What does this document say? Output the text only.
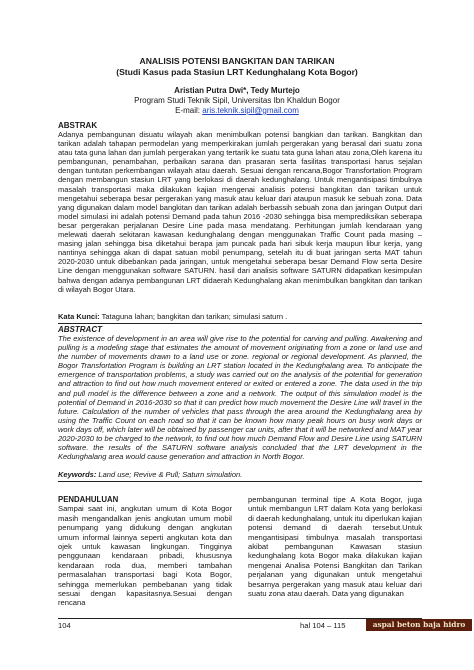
ANALISIS POTENSI BANGKITAN DAN TARIKAN
(Studi Kasus pada Stasiun LRT Kedunghalang Kota Bogor)
Aristian Putra Dwi*, Tedy Murtejo
Program Studi Teknik Sipil, Universitas Ibn Khaldun Bogor
E-mail: aris.teknik.sipil@gmail.com
ABSTRAK
Adanya pembangunan disuatu wilayah akan menimbulkan potensi bangkian dan tarikan. Bangkitan dan tarikan adalah tahapan permodelan yang memperkirakan jumlah pergerakan yang berasal dari suatu zona atau tata guna lahan dan jumlah pergerakan yang tertarik ke suatu tata guna lahan atau zona,Oleh karena itu pembangunan, penambahan, perbaikan sarana dan prasaran serta fasilitas transportasi harus sejalan dengan tuntutan perkembangan wilayah atau daerah. Sesuai dengan rencana,Bogor Transfortation Program dengan membangun stasiun LRT yang berlokasi di daerah kedunghalang. Untuk mengantisipasi timbulnya masalah transportasi maka dilakukan kajian mengenai analisis potensi bangkitan dan tarikan untuk mengetahui seberapa besar pergerakan yang masuk atau keluar dari ataupun masuk ke sebuah zona. Data yang digunakan dalam model bangkitan dan tarikan adalah berbassih sebuah zona dan jaringan Output dari model simulasi ini adalah potensi Demand pada tahun 2016 -2030 sehingga bisa memprediksikan seberapa besar pergerakan perjalanan Desire Line pada masa mendatang. Perhitungan jumlah kendaraan yang melewati daerah sekitaran kawasan kedunghalang dengan menggunakan Traffic Count pada masing – masing jalan sehingga bisa diketahui berapa jam puncak pada hari sibuk kerja maupun libur kerja, yang nantinya sehingga akan di dapat satuan mobil penumpang, setelah itu di buat jaringan serta MAT tahun 2020-2030 untuk dibebankan pada jaringan, untuk mengetahui seberapa besar Demand Flow serta Desire Line dengan menggunakan software SATURN. hasil dari analisis software SATURN didapatkan kesimpulan bahwa dengan adanya pembangunan LRT didaerah Kedunghalang akan menimbulkan bangkitan dan tarikan di wilayah Bogor Utara.
Kata Kunci: Tataguna lahan; bangkitan dan tarikan; simulasi saturn .
ABSTRACT
The existence of development in an area will give rise to the potential for carving and pulling. Awakening and pulling is a modeling stage that estimates the amount of movement originating from a zone or land use and the number of movements drawn to a land use or zone. regional or regional development. As planned, the Bogor Transfortation Program is building an LRT station located in the Kedunghalang area. To anticipate the emergence of transportation problems, a study was carried out on the analysis of the potential for generation and attraction to find out how much movement entered or exited or entered a zone. The data used in the trip and pull model is the difference between a zone and a network. The output of this simulation model is the potential of Demand in 2016-2030 so that it can predict how much movement the Desire Line will travel in the future. Calculation of the number of vehicles that pass through the area around the Kedunghalang area by using the Traffic Count on each road so that it can be known how many peak hours on busy work days or work days off, which later will be obtained by passenger car units, after that it will be networked and MAT year 2020-2030 to be charged to the network, to find out how much Demand Flow and Desire Line using SATURN software. the results of the SATURN software analysis concluded that the LRT development in the Kedunghalang area would cause generation and attraction in North Bogor.
Keywords: Land use; Revive & Pull; Saturn simulation.
PENDAHULUAN
Sampai saat ini, angkutan umum di Kota Bogor masih mengandalkan jenis angkutan umum mobil penumpang yang didukung dengan angkutan umum informal lainnya seperti angkutan kota dan ojek untuk kawasan lingkungan. Tingginya penggunaan kendaraan pribadi, khususnya kendaraan roda dua, memberi tambahan permasalahan transportasi bagi Kota Bogor, sehingga memerlukan pembebanan yang tidak sesuai dengan kapasitasnya.Sesuai dengan rencana
pembangunan terminal tipe A Kota Bogor, juga untuk membangun LRT dalam Kota yang berlokasi di daerah kedunghalang, untuk itu diperlukan kajian potensi demand di daerah tersebut.Untuk mengantisipasi timbulnya masalah transportasi akibat pembangunan Kawasan stasiun kedunghalang kota Bogor maka dilakukan kajian mengenai Analisa Potensi Bangkitan dan Tarikan perjalanan yang digunakan untuk mengetahui besarnya pergerakan yang masuk atau keluar dari suatu zona atau daerah. Data yang digunakan
104	hal 104 – 115	aspal beton baja hidro
